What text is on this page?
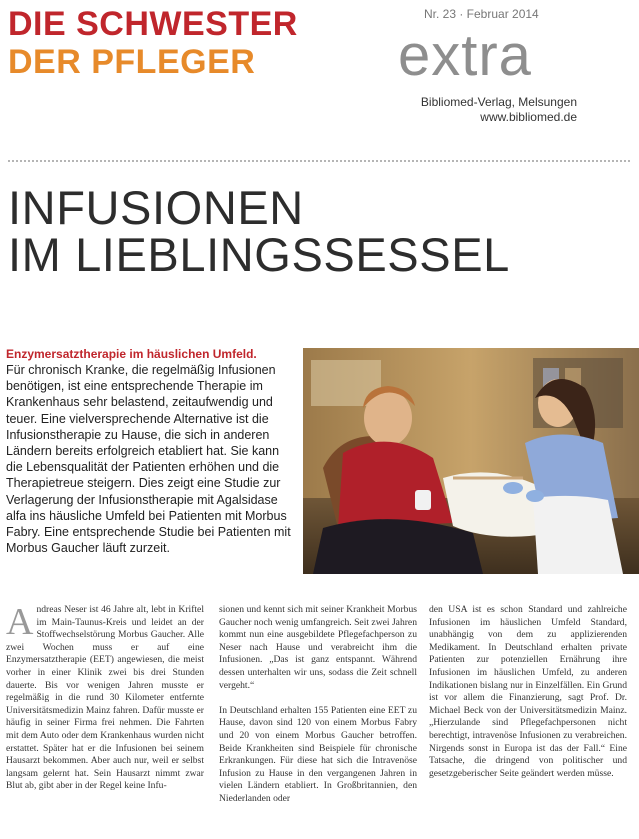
DIE SCHWESTER
DER PFLEGER
Nr. 23 · Februar 2014
extra
Bibliomed-Verlag, Melsungen
www.bibliomed.de
INFUSIONEN
IM LIEBLINGSSESSEL
Enzymersatztherapie im häuslichen Umfeld.
Für chronisch Kranke, die regelmäßig Infusionen benötigen, ist eine entsprechende Therapie im Krankenhaus sehr belastend, zeitaufwendig und teuer. Eine vielversprechende Alternative ist die Infusionstherapie zu Hause, die sich in anderen Ländern bereits erfolgreich etabliert hat. Sie kann die Lebensqualität der Patienten erhöhen und die Therapietreue steigern. Dies zeigt eine Studie zur Verlagerung der Infusionstherapie mit Agalsidase alfa ins häusliche Umfeld bei Patienten mit Morbus Fabry. Eine entsprechende Studie bei Patienten mit Morbus Gaucher läuft zurzeit.
A ndreas Neser ist 46 Jahre alt, lebt in Kriftel im Main-Taunus-Kreis und leidet an der Stoffwechselstörung Morbus Gaucher. Alle zwei Wochen muss er auf eine Enzymersatztherapie (EET) angewiesen, die meist vorher in einer Klinik zwei bis drei Stunden dauerte. Bis vor wenigen Jahren musste er regelmäßig in die rund 30 Kilometer entfernte Universitätsmedizin Mainz fahren. Dafür musste er häufig in seiner Firma frei nehmen. Die Fahrten mit dem Auto oder dem Krankenhaus wurden nicht erstattet. Später hat er die Infusionen bei seinem Hausarzt bekommen. Aber auch nur, weil er selbst langsam gelernt hat. Sein Hausarzt nimmt zwar Blut ab, gibt aber in der Regel keine Infu-

sionen und kennt sich mit seiner Krankheit Morbus Gaucher noch wenig umfangreich. Seit zwei Jahren kommt nun eine ausgebildete Pflegefachperson zu Neser nach Hause und verabreicht ihm die Infusionen. „Das ist ganz entspannt. Während dessen unterhalten wir uns, sodass die Zeit schnell vergeht.“

In Deutschland erhalten 155 Patienten eine EET zu Hause, davon sind 120 von einem Morbus Fabry und 20 von einem Morbus Gaucher betroffen. Beide Krankheiten sind Beispiele für chronische Erkrankungen. Für diese hat sich die Intravenöse Infusion zu Hause in den vergangenen Jahren in vielen Ländern etabliert. In Großbritannien, den Niederlanden oder

den USA ist es schon Standard und zahlreiche Infusionen im häuslichen Umfeld Standard, unabhängig von dem zu applizierenden Medikament. In Deutschland erhalten private Patienten zur potenziellen Ernährung ihre Infusionen im häuslichen Umfeld, zu anderen Indikationen bislang nur in Einzelfällen. Ein Grund ist vor allem die Finanzierung, sagt Prof. Dr. Michael Beck von der Universitätsmedizin Mainz. „Hierzulande sind Pflegefachpersonen nicht berechtigt, intravenöse Infusionen zu verabreichen. Nirgends sonst in Europa ist das der Fall.“ Eine Tatsache, die dringend von politischer und gesetzgeberischer Seite geändert werden müsse.
